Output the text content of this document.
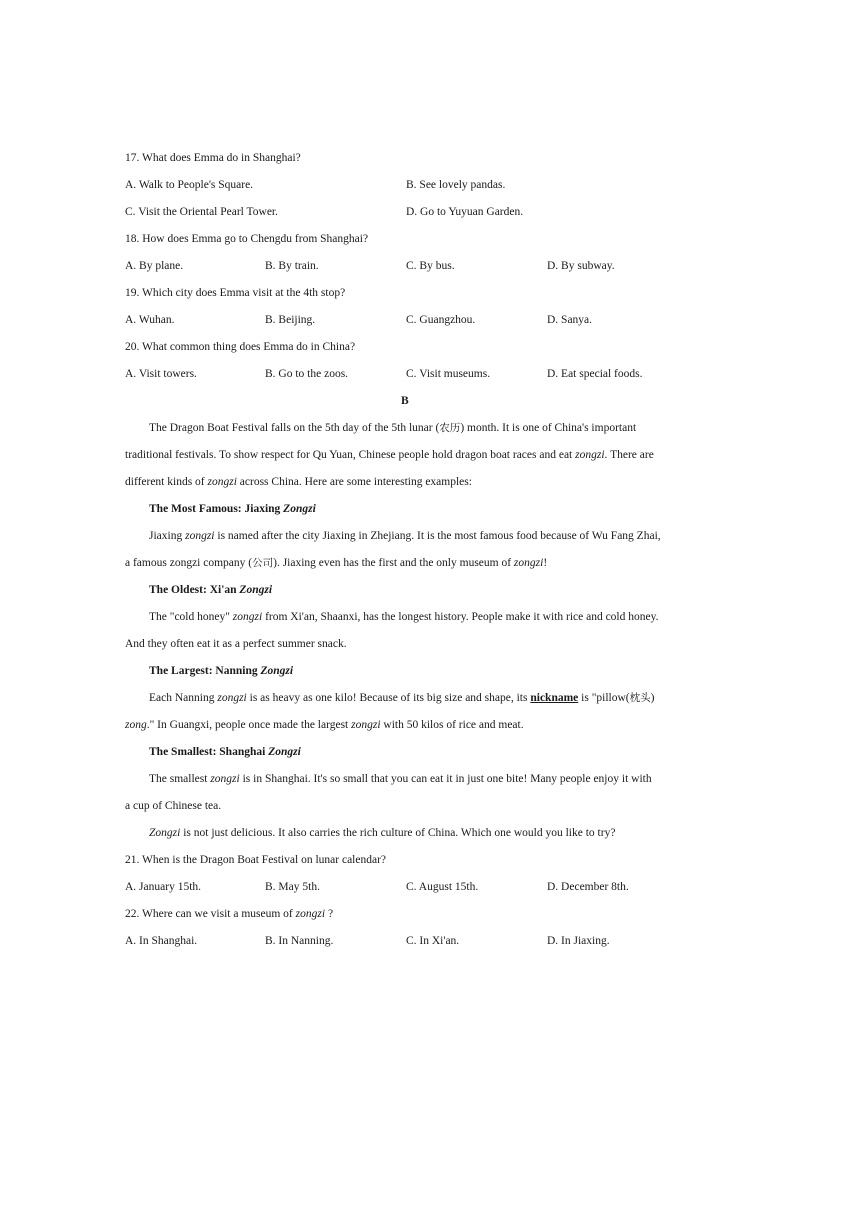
17. What does Emma do in Shanghai?
A. Walk to People's Square.	B. See lovely pandas.
C. Visit the Oriental Pearl Tower.	D. Go to Yuyuan Garden.
18. How does Emma go to Chengdu from Shanghai?
A. By plane.	B. By train.	C. By bus.	D. By subway.
19. Which city does Emma visit at the 4th stop?
A. Wuhan.	B. Beijing.	C. Guangzhou.	D. Sanya.
20. What common thing does Emma do in China?
A. Visit towers.	B. Go to the zoos.	C. Visit museums.	D. Eat special foods.
B
The Dragon Boat Festival falls on the 5th day of the 5th lunar (农历) month. It is one of China's important
traditional festivals. To show respect for Qu Yuan, Chinese people hold dragon boat races and eat zongzi. There are
different kinds of zongzi across China. Here are some interesting examples:
The Most Famous: Jiaxing Zongzi
Jiaxing zongzi is named after the city Jiaxing in Zhejiang. It is the most famous food because of Wu Fang Zhai,
a famous zongzi company (公司). Jiaxing even has the first and the only museum of zongzi!
The Oldest: Xi'an Zongzi
The "cold honey" zongzi from Xi'an, Shaanxi, has the longest history. People make it with rice and cold honey.
And they often eat it as a perfect summer snack.
The Largest: Nanning Zongzi
Each Nanning zongzi is as heavy as one kilo! Because of its big size and shape, its nickname is "pillow(枕头)
zong." In Guangxi, people once made the largest zongzi with 50 kilos of rice and meat.
The Smallest: Shanghai Zongzi
The smallest zongzi is in Shanghai. It's so small that you can eat it in just one bite! Many people enjoy it with
a cup of Chinese tea.
Zongzi is not just delicious. It also carries the rich culture of China. Which one would you like to try?
21. When is the Dragon Boat Festival on lunar calendar?
A. January 15th.	B. May 5th.	C. August 15th.	D. December 8th.
22. Where can we visit a museum of zongzi ?
A. In Shanghai.	B. In Nanning.	C. In Xi'an.	D. In Jiaxing.
